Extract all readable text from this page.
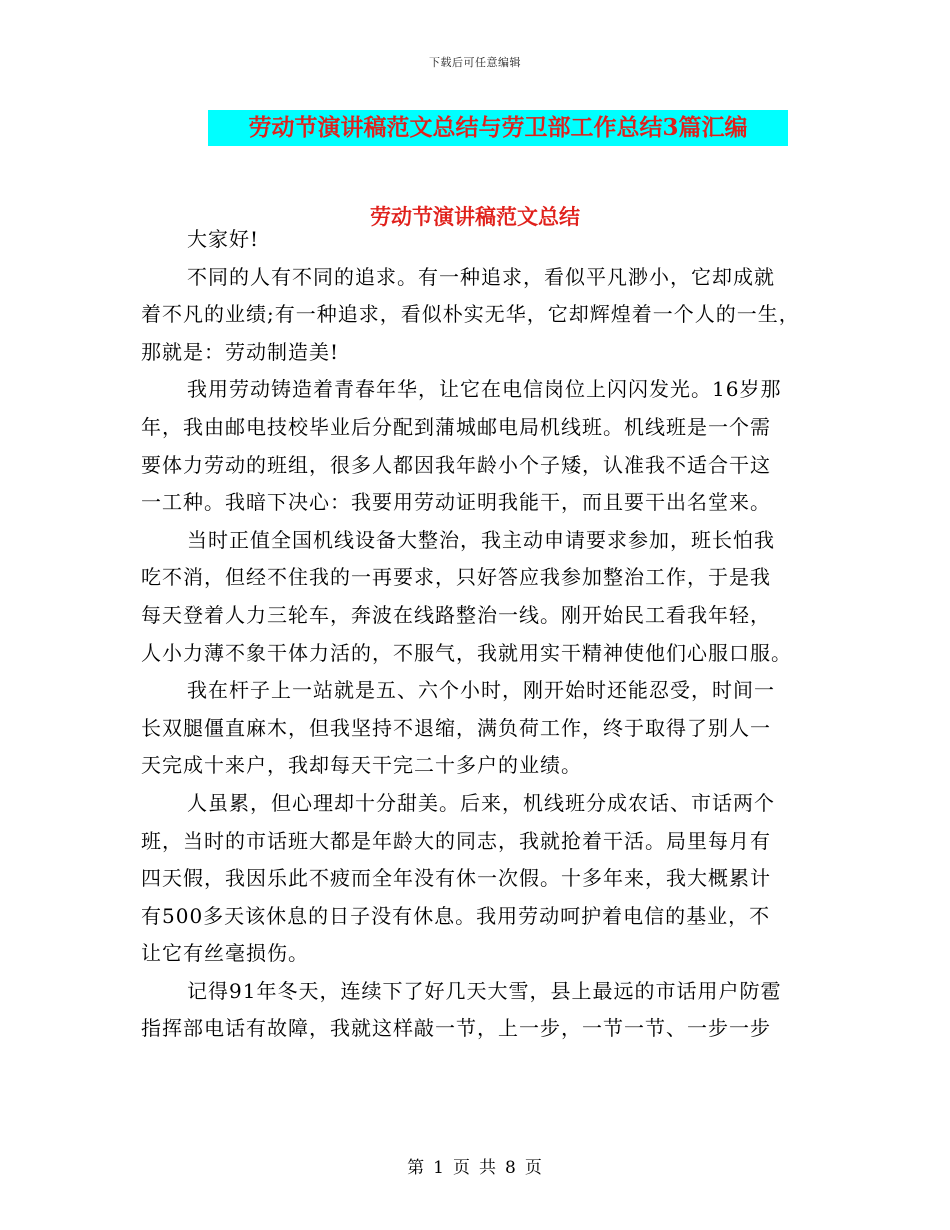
下载后可任意编辑
劳动节演讲稿范文总结与劳卫部工作总结3篇汇编
劳动节演讲稿范文总结
大家好!
不同的人有不同的追求。有一种追求，看似平凡渺小，它却成就
着不凡的业绩;有一种追求，看似朴实无华，它却辉煌着一个人的一生，
那就是：劳动制造美!
我用劳动铸造着青春年华，让它在电信岗位上闪闪发光。16岁那
年，我由邮电技校毕业后分配到蒲城邮电局机线班。机线班是一个需
要体力劳动的班组，很多人都因我年龄小个子矮，认准我不适合干这
一工种。我暗下决心：我要用劳动证明我能干，而且要干出名堂来。
当时正值全国机线设备大整治，我主动申请要求参加，班长怕我
吃不消，但经不住我的一再要求，只好答应我参加整治工作，于是我
每天登着人力三轮车，奔波在线路整治一线。刚开始民工看我年轻，
人小力薄不象干体力活的，不服气，我就用实干精神使他们心服口服。
我在杆子上一站就是五、六个小时，刚开始时还能忍受，时间一
长双腿僵直麻木，但我坚持不退缩，满负荷工作，终于取得了别人一
天完成十来户，我却每天干完二十多户的业绩。
人虽累，但心理却十分甜美。后来，机线班分成农话、市话两个
班，当时的市话班大都是年龄大的同志，我就抢着干活。局里每月有
四天假，我因乐此不疲而全年没有休一次假。十多年来，我大概累计
有500多天该休息的日子没有休息。我用劳动呵护着电信的基业，不
让它有丝毫损伤。
记得91年冬天，连续下了好几天大雪，县上最远的市话用户防雹
指挥部电话有故障，我就这样敲一节，上一步，一节一节、一步一步
第 1 页 共 8 页
